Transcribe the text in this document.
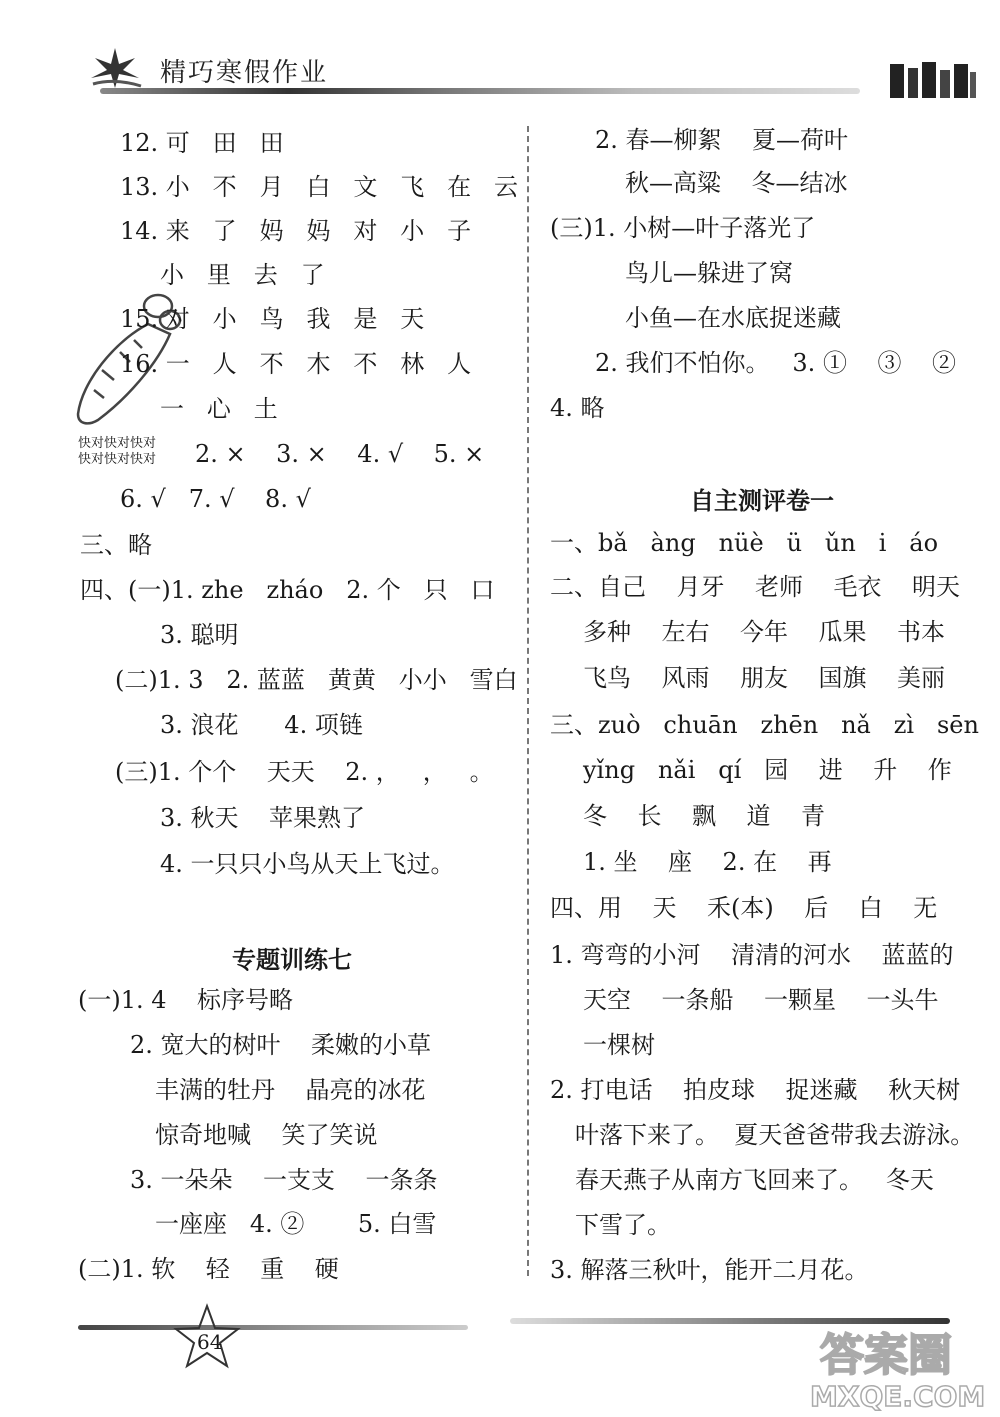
精巧寒假作业
快对快对快对
快对快对快对
12. 可   田   田
13. 小   不   月   白   文   飞   在   云
14. 来   了   妈   妈   对   小   子
小   里   去   了
15. 对   小   鸟   我   是   天
16. 一   人   不   木   不   林   人
一   心   土
2. ×    3. ×    4. √    5. ×
6. √   7. √    8. √
三、略
四、(一)1. zhe   zháo   2. 个   只   口
3. 聪明
(二)1. 3   2. 蓝蓝   黄黄   小小   雪白
3. 浪花      4. 项链
(三)1. 个个    天天    2. ，   ，   。
3. 秋天    苹果熟了
4. 一只只小鸟从天上飞过。
专题训练七
(一)1. 4    标序号略
2. 宽大的树叶    柔嫩的小草
丰满的牡丹    晶亮的冰花
惊奇地喊    笑了笑说
3. 一朵朵    一支支    一条条
一座座   4. ②       5. 白雪
(二)1. 软    轻    重    硬
2. 春—柳絮    夏—荷叶
秋—高粱    冬—结冰
(三)1. 小树—叶子落光了
鸟儿—躲进了窝
小鱼—在水底捉迷藏
2. 我们不怕你。   3. ①    ③    ②
4. 略
自主测评卷一
一、bǎ   àng   nüè   ü   ǔn   i   áo
二、自己    月牙    老师    毛衣    明天
多种    左右    今年    瓜果    书本
飞鸟    风雨    朋友    国旗    美丽
三、zuò   chuān   zhēn   nǎ   zì   sēn
yǐng   nǎi   qí   园    进    升    作
冬    长    飘    道    青
1. 坐    座    2. 在    再
四、用    天    禾(本)    后    白    无
1. 弯弯的小河    清清的河水    蓝蓝的
天空    一条船    一颗星    一头牛
一棵树
2. 打电话    拍皮球    捉迷藏    秋天树
叶落下来了。  夏天爸爸带我去游泳。
春天燕子从南方飞回来了。   冬天
下雪了。
3. 解落三秋叶，能开二月花。
64	答案圈
MXQE.COM
